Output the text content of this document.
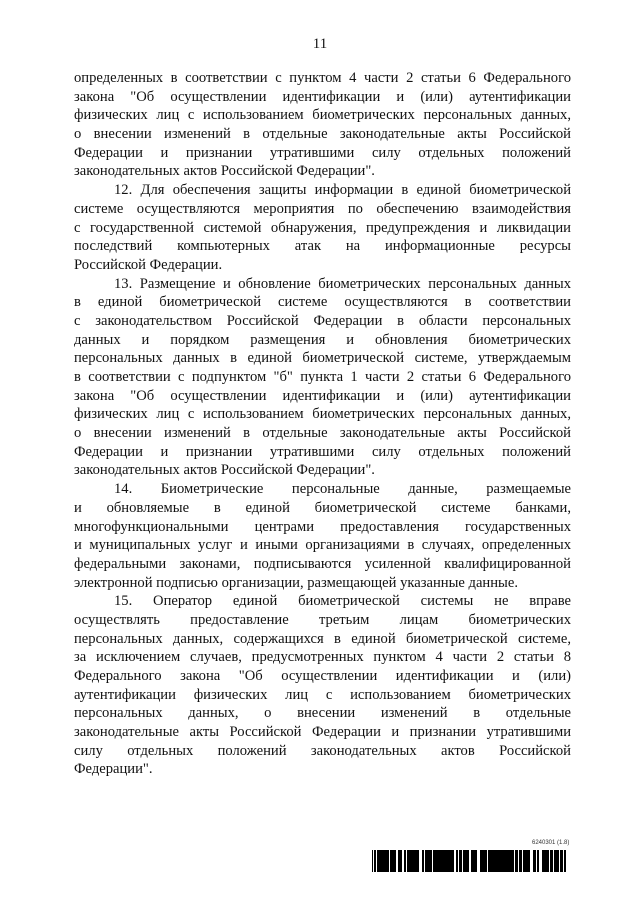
11
определенных в соответствии с пунктом 4 части 2 статьи 6 Федерального
закона "Об осуществлении идентификации и (или) аутентификации
физических лиц с использованием биометрических персональных данных,
о внесении изменений в отдельные законодательные акты Российской
Федерации и признании утратившими силу отдельных положений
законодательных актов Российской Федерации".
12. Для обеспечения защиты информации в единой биометрической
системе осуществляются мероприятия по обеспечению взаимодействия
с государственной системой обнаружения, предупреждения и ликвидации
последствий компьютерных атак на информационные ресурсы
Российской Федерации.
13. Размещение и обновление биометрических персональных данных
в единой биометрической системе осуществляются в соответствии
с законодательством Российской Федерации в области персональных
данных и порядком размещения и обновления биометрических
персональных данных в единой биометрической системе, утверждаемым
в соответствии с подпунктом "б" пункта 1 части 2 статьи 6 Федерального
закона "Об осуществлении идентификации и (или) аутентификации
физических лиц с использованием биометрических персональных данных,
о внесении изменений в отдельные законодательные акты Российской
Федерации и признании утратившими силу отдельных положений
законодательных актов Российской Федерации".
14. Биометрические персональные данные, размещаемые
и обновляемые в единой биометрической системе банками,
многофункциональными центрами предоставления государственных
и муниципальных услуг и иными организациями в случаях, определенных
федеральными законами, подписываются усиленной квалифицированной
электронной подписью организации, размещающей указанные данные.
15. Оператор единой биометрической системы не вправе
осуществлять предоставление третьим лицам биометрических
персональных данных, содержащихся в единой биометрической системе,
за исключением случаев, предусмотренных пунктом 4 части 2 статьи 8
Федерального закона "Об осуществлении идентификации и (или)
аутентификации физических лиц с использованием биометрических
персональных данных, о внесении изменений в отдельные
законодательные акты Российской Федерации и признании утратившими
силу отдельных положений законодательных актов Российской
Федерации".
6240301 (1.8)
